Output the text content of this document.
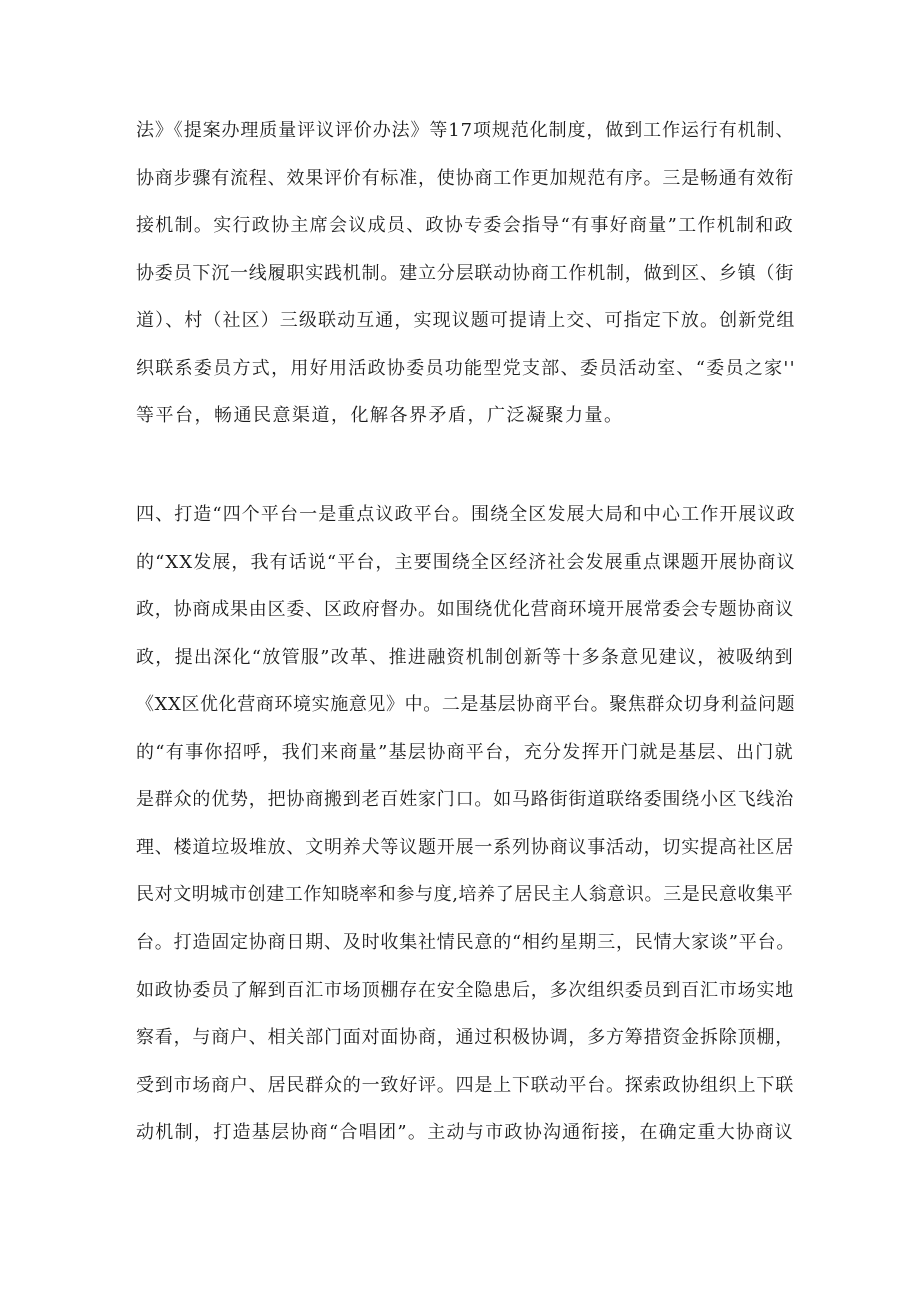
法》《提案办理质量评议评价办法》等17项规范化制度，做到工作运行有机制、
协商步骤有流程、效果评价有标准，使协商工作更加规范有序。三是畅通有效衔
接机制。实行政协主席会议成员、政协专委会指导“有事好商量”工作机制和政
协委员下沉一线履职实践机制。建立分层联动协商工作机制，做到区、乡镇（街
道）、村（社区）三级联动互通，实现议题可提请上交、可指定下放。创新党组
织联系委员方式，用好用活政协委员功能型党支部、委员活动室、“委员之家''
等平台，畅通民意渠道，化解各界矛盾，广泛凝聚力量。
四、打造“四个平台一是重点议政平台。围绕全区发展大局和中心工作开展议政
的“XX发展，我有话说“平台，主要围绕全区经济社会发展重点课题开展协商议
政，协商成果由区委、区政府督办。如围绕优化营商环境开展常委会专题协商议
政，提出深化“放管服”改革、推进融资机制创新等十多条意见建议，被吸纳到
《XX区优化营商环境实施意见》中。二是基层协商平台。聚焦群众切身利益问题
的“有事你招呼，我们来商量”基层协商平台，充分发挥开门就是基层、出门就
是群众的优势，把协商搬到老百姓家门口。如马路街街道联络委围绕小区飞线治
理、楼道垃圾堆放、文明养犬等议题开展一系列协商议事活动，切实提高社区居
民对文明城市创建工作知晓率和参与度,培养了居民主人翁意识。三是民意收集平
台。打造固定协商日期、及时收集社情民意的“相约星期三，民情大家谈”平台。
如政协委员了解到百汇市场顶棚存在安全隐患后，多次组织委员到百汇市场实地
察看，与商户、相关部门面对面协商，通过积极协调，多方筹措资金拆除顶棚，
受到市场商户、居民群众的一致好评。四是上下联动平台。探索政协组织上下联
动机制，打造基层协商“合唱团”。主动与市政协沟通衔接，在确定重大协商议
